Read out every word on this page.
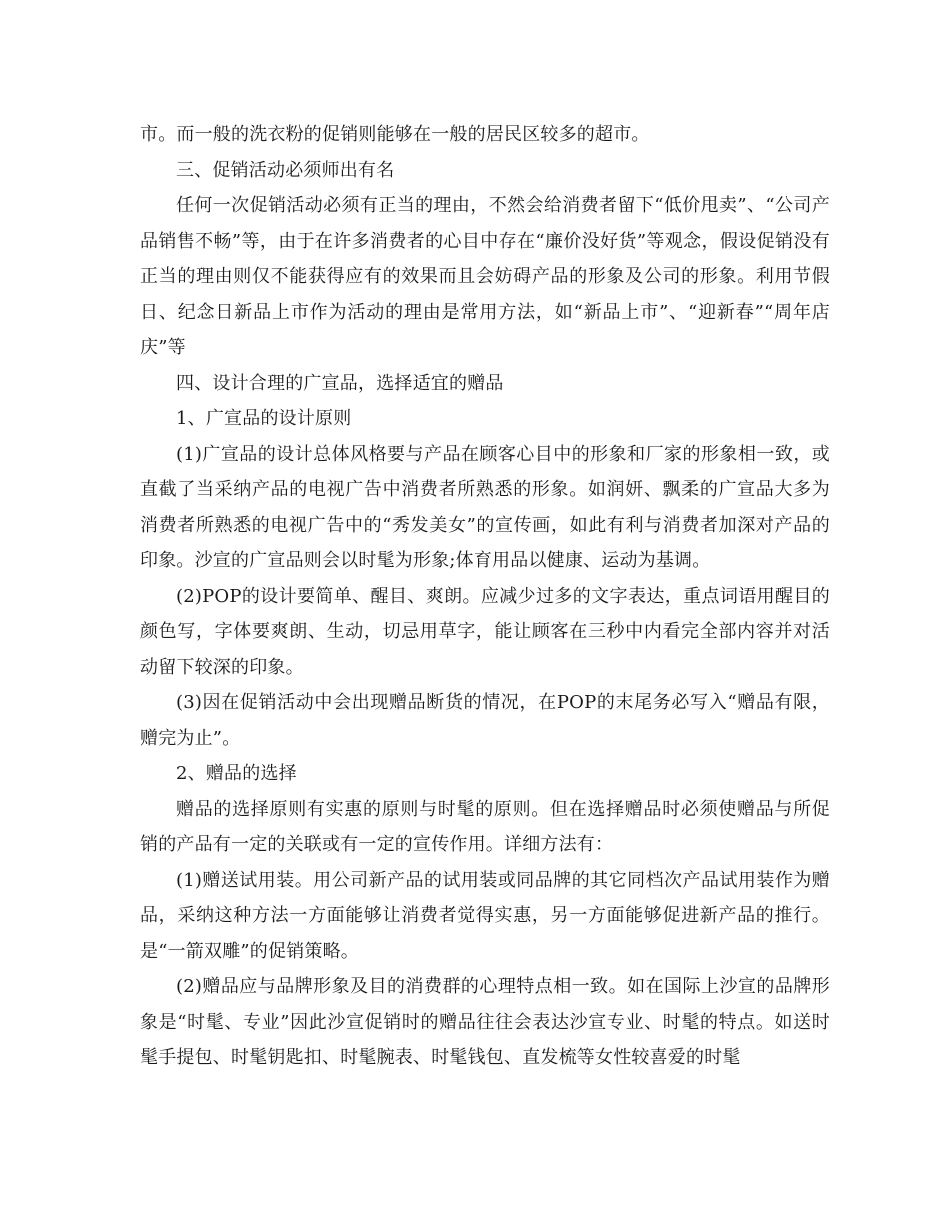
市。而一般的洗衣粉的促销则能够在一般的居民区较多的超市。

三、促销活动必须师出有名

任何一次促销活动必须有正当的理由，不然会给消费者留下“低价甩卖”、“公司产品销售不畅”等，由于在许多消费者的心目中存在“廉价没好货”等观念，假设促销没有正当的理由则仅不能获得应有的效果而且会妨碍产品的形象及公司的形象。利用节假日、纪念日新品上市作为活动的理由是常用方法，如“新品上市”、“迎新春”“周年店庆”等

四、设计合理的广宣品，选择适宜的赠品

1、广宣品的设计原则

(1)广宣品的设计总体风格要与产品在顾客心目中的形象和厂家的形象相一致，或直截了当采纳产品的电视广告中消费者所熟悉的形象。如润妍、飘柔的广宣品大多为消费者所熟悉的电视广告中的“秀发美女”的宣传画，如此有利与消费者加深对产品的印象。沙宣的广宣品则会以时髦为形象;体育用品以健康、运动为基调。

(2)POP的设计要简单、醒目、爽朗。应减少过多的文字表达，重点词语用醒目的颜色写，字体要爽朗、生动，切忌用草字，能让顾客在三秒中内看完全部内容并对活动留下较深的印象。

(3)因在促销活动中会出现赠品断货的情况，在POP的末尾务必写入“赠品有限，赠完为止”。

2、赠品的选择

赠品的选择原则有实惠的原则与时髦的原则。但在选择赠品时必须使赠品与所促销的产品有一定的关联或有一定的宣传作用。详细方法有：

(1)赠送试用装。用公司新产品的试用装或同品牌的其它同档次产品试用装作为赠品，采纳这种方法一方面能够让消费者觉得实惠，另一方面能够促进新产品的推行。是“一箭双雕”的促销策略。

(2)赠品应与品牌形象及目的消费群的心理特点相一致。如在国际上沙宣的品牌形象是“时髦、专业”因此沙宣促销时的赠品往往会表达沙宣专业、时髦的特点。如送时髦手提包、时髦钥匙扣、时髦腕表、时髦钱包、直发梳等女性较喜爱的时髦
